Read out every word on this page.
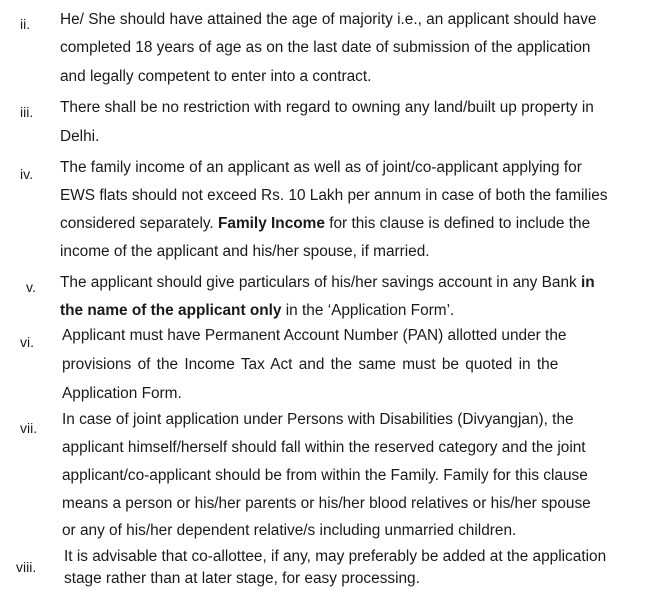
ii.	He/ She should have attained the age of majority i.e., an applicant should have
completed 18 years of age as on the last date of submission of the application
and legally competent to enter into a contract.
iii.	There shall be no restriction with regard to owning any land/built up property in
Delhi.
iv.	The family income of an applicant as well as of joint/co-applicant applying for
EWS flats should not exceed Rs. 10 Lakh per annum in case of both the families
considered separately. Family Income for this clause is defined to include the
income of the applicant and his/her spouse, if married.
v.	The applicant should give particulars of his/her savings account in any Bank in
the name of the applicant only in the ‘Application Form’.
vi.	Applicant must have Permanent Account Number (PAN) allotted under the
provisions of the Income Tax Act and the same must be quoted in the
Application Form.
vii.	In case of joint application under Persons with Disabilities (Divyangjan), the
applicant himself/herself should fall within the reserved category and the joint
applicant/co-applicant should be from within the Family. Family for this clause
means a person or his/her parents or his/her blood relatives or his/her spouse
or any of his/her dependent relative/s including unmarried children.
viii.
It is advisable that co-allottee, if any, may preferably be added at the application
stage rather than at later stage, for easy processing.
